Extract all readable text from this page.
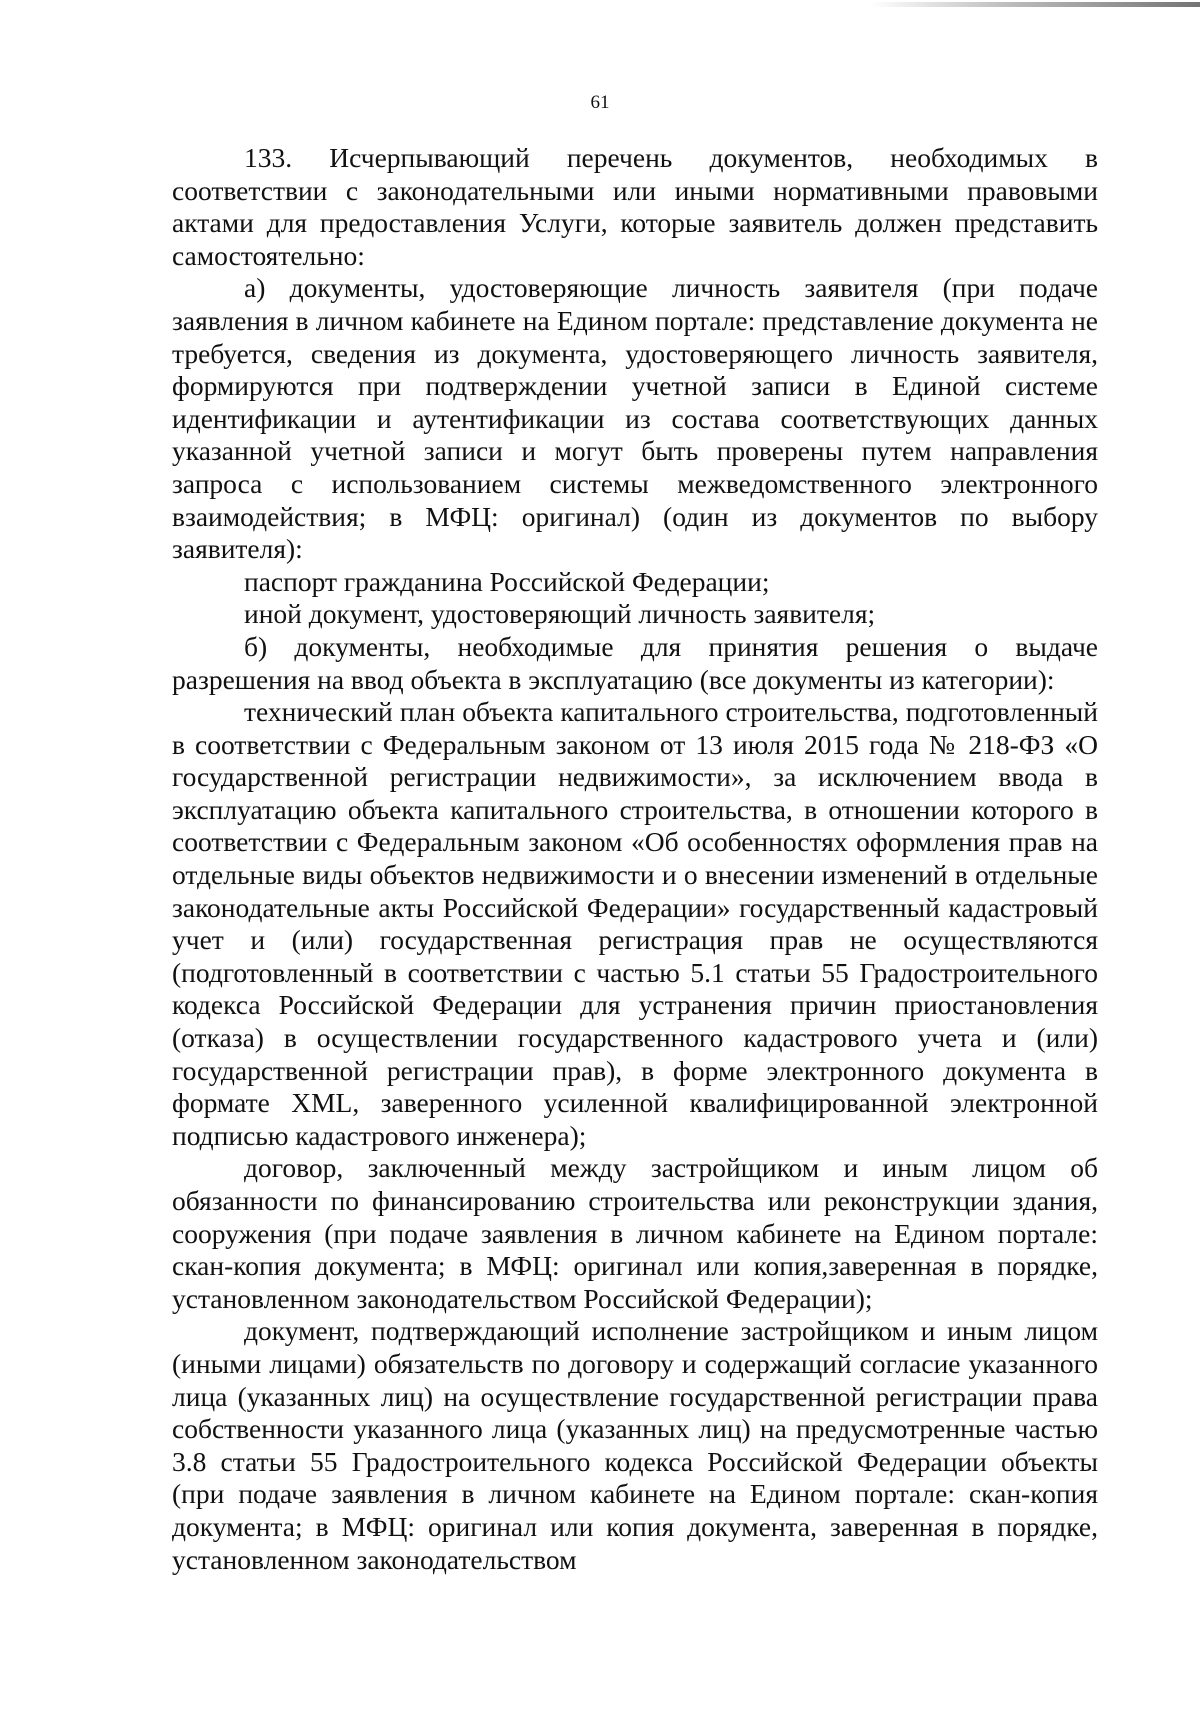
61

133. Исчерпывающий перечень документов, необходимых в соответствии с законодательными или иными нормативными правовыми актами для предоставления Услуги, которые заявитель должен представить самостоятельно:

а) документы, удостоверяющие личность заявителя (при подаче заявления в личном кабинете на Едином портале: представление документа не требуется, сведения из документа, удостоверяющего личность заявителя, формируются при подтверждении учетной записи в Единой системе идентификации и аутентификации из состава соответствующих данных указанной учетной записи и могут быть проверены путем направления запроса с использованием системы межведомственного электронного взаимодействия; в МФЦ: оригинал) (один из документов по выбору заявителя):

паспорт гражданина Российской Федерации;

иной документ, удостоверяющий личность заявителя;

б) документы, необходимые для принятия решения о выдаче разрешения на ввод объекта в эксплуатацию (все документы из категории):

технический план объекта капитального строительства, подготовленный в соответствии с Федеральным законом от 13 июля 2015 года № 218-ФЗ «О государственной регистрации недвижимости», за исключением ввода в эксплуатацию объекта капитального строительства, в отношении которого в соответствии с Федеральным законом «Об особенностях оформления прав на отдельные виды объектов недвижимости и о внесении изменений в отдельные законодательные акты Российской Федерации» государственный кадастровый учет и (или) государственная регистрация прав не осуществляются (подготовленный в соответствии с частью 5.1 статьи 55 Градостроительного кодекса Российской Федерации для устранения причин приостановления (отказа) в осуществлении государственного кадастрового учета и (или) государственной регистрации прав), в форме электронного документа в формате XML, заверенного усиленной квалифицированной электронной подписью кадастрового инженера);

договор, заключенный между застройщиком и иным лицом об обязанности по финансированию строительства или реконструкции здания, сооружения (при подаче заявления в личном кабинете на Едином портале: скан-копия документа; в МФЦ: оригинал или копия,заверенная в порядке, установленном законодательством Российской Федерации);

документ, подтверждающий исполнение застройщиком и иным лицом (иными лицами) обязательств по договору и содержащий согласие указанного лица (указанных лиц) на осуществление государственной регистрации права собственности указанного лица (указанных лиц) на предусмотренные частью 3.8 статьи 55 Градостроительного кодекса Российской Федерации объекты (при подаче заявления в личном кабинете на Едином портале: скан-копия документа; в МФЦ: оригинал или копия документа, заверенная в порядке, установленном законодательством
